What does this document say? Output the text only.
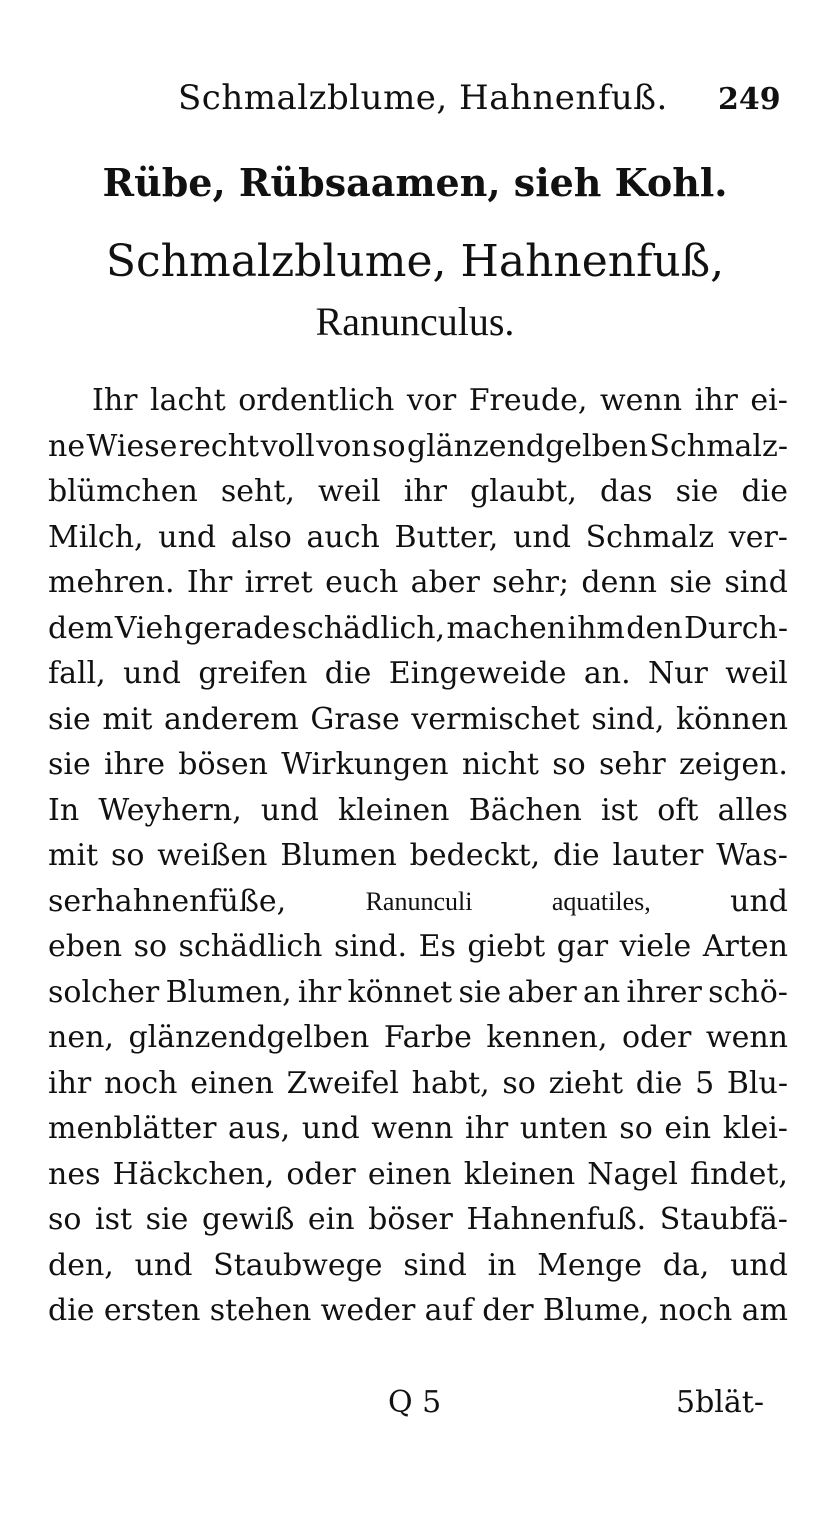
Schmalzblume, Hahnenfuß. 249
Rübe, Rübsaamen, sieh Kohl.
Schmalzblume, Hahnenfuß,
Ranunculus.
Ihr lacht ordentlich vor Freude, wenn ihr ei-
ne Wiese recht voll von so glänzendgelben Schmalz-
blümchen seht, weil ihr glaubt, das sie die
Milch, und also auch Butter, und Schmalz ver-
mehren. Ihr irret euch aber sehr; denn sie sind
dem Vieh gerade schädlich, machen ihm den Durch-
fall, und greifen die Eingeweide an. Nur weil
sie mit anderem Grase vermischet sind, können
sie ihre bösen Wirkungen nicht so sehr zeigen.
In Weyhern, und kleinen Bächen ist oft alles
mit so weißen Blumen bedeckt, die lauter Was-
serhahnenfüße,	Ranunculi	aquatiles,	und
eben so schädlich sind. Es giebt gar viele Arten
solcher Blumen, ihr könnet sie aber an ihrer schö-
nen, glänzendgelben Farbe kennen, oder wenn
ihr noch einen Zweifel habt, so zieht die 5 Blu-
menblätter aus, und wenn ihr unten so ein klei-
nes Häckchen, oder einen kleinen Nagel findet,
so ist sie gewiß ein böser Hahnenfuß. Staubfä-
den, und Staubwege sind in Menge da, und
die ersten stehen weder auf der Blume, noch am
Q 5	5blät-
